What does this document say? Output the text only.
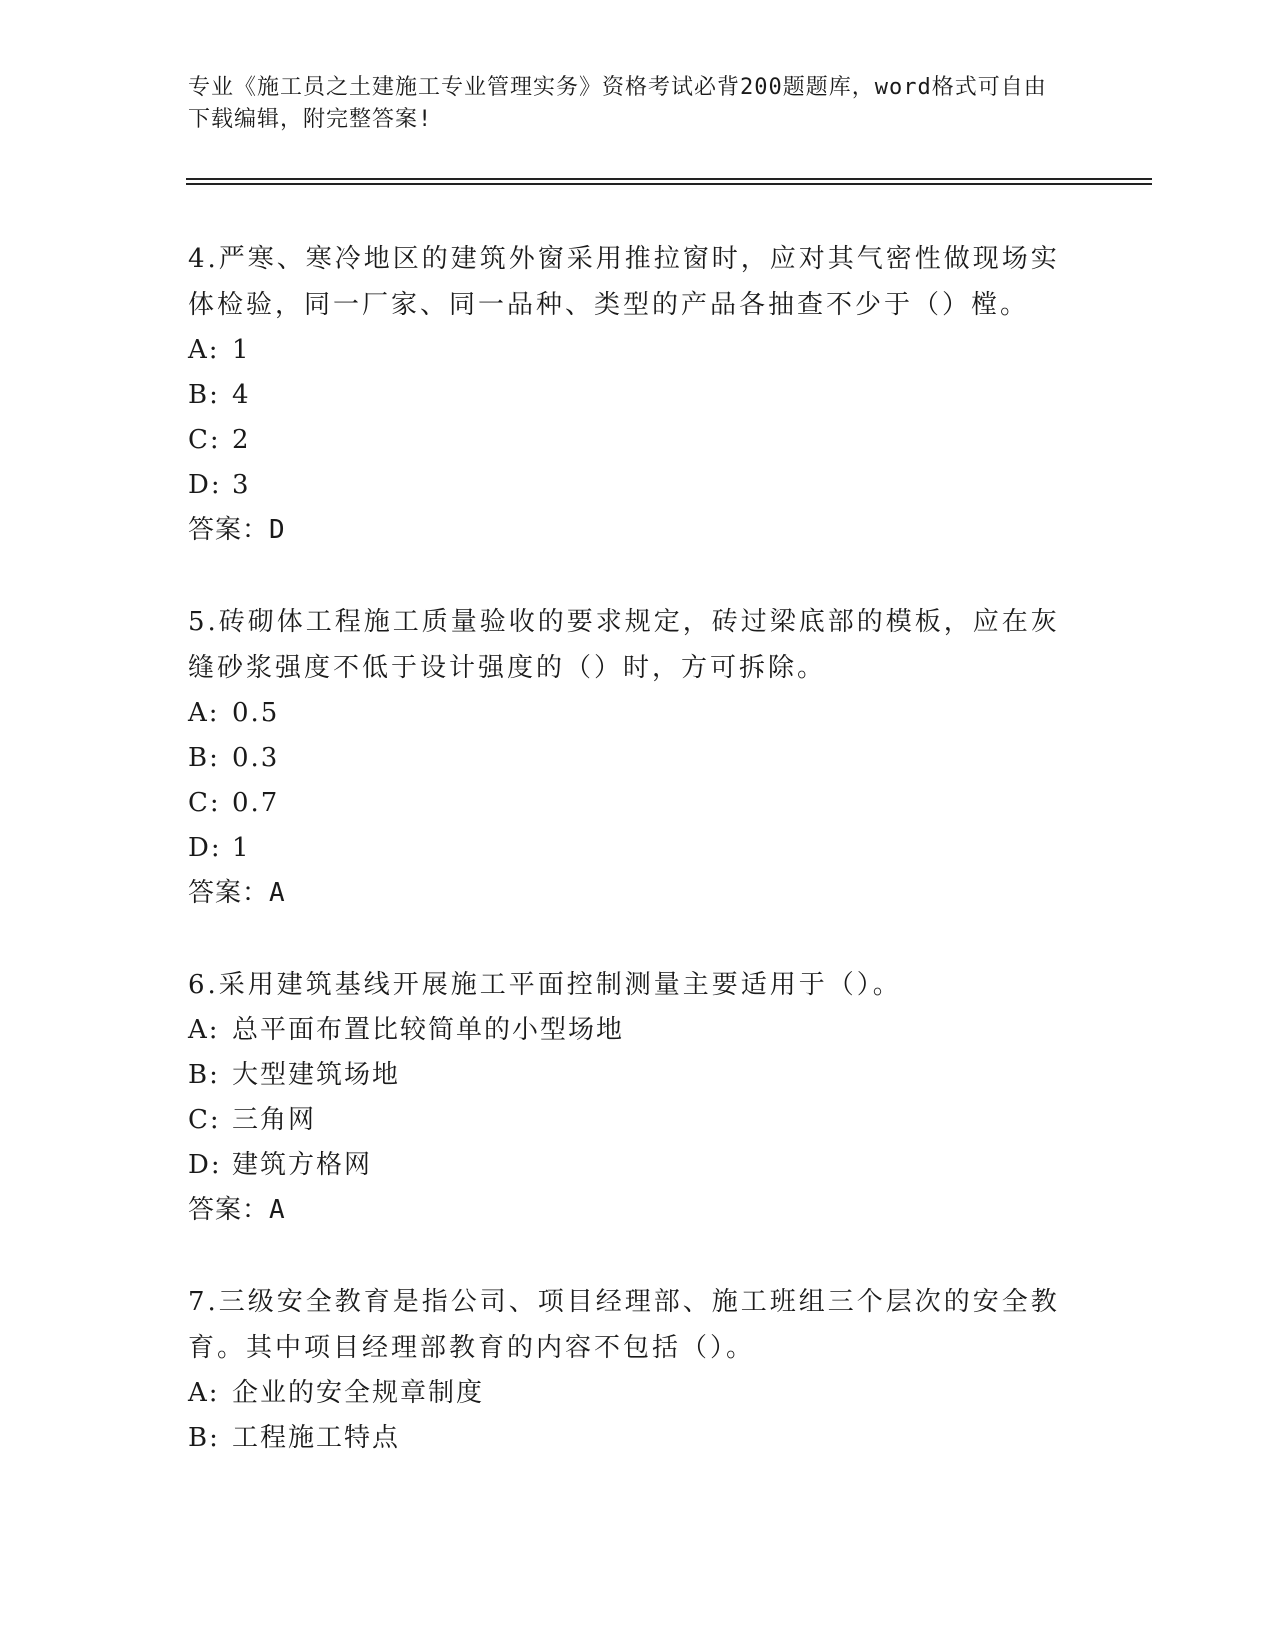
专业《施工员之土建施工专业管理实务》资格考试必背200题题库，word格式可自由下载编辑，附完整答案!

4.严寒、寒冷地区的建筑外窗采用推拉窗时，应对其气密性做现场实体检验，同一厂家、同一品种、类型的产品各抽查不少于（）樘。

A: 1

B: 4

C: 2

D: 3

答案：D

5.砖砌体工程施工质量验收的要求规定，砖过梁底部的模板，应在灰缝砂浆强度不低于设计强度的（）时，方可拆除。

A: 0.5

B: 0.3

C: 0.7

D: 1

答案：A

6.采用建筑基线开展施工平面控制测量主要适用于（）。

A: 总平面布置比较简单的小型场地

B: 大型建筑场地

C: 三角网

D: 建筑方格网

答案：A

7.三级安全教育是指公司、项目经理部、施工班组三个层次的安全教育。其中项目经理部教育的内容不包括（）。

A: 企业的安全规章制度

B: 工程施工特点
